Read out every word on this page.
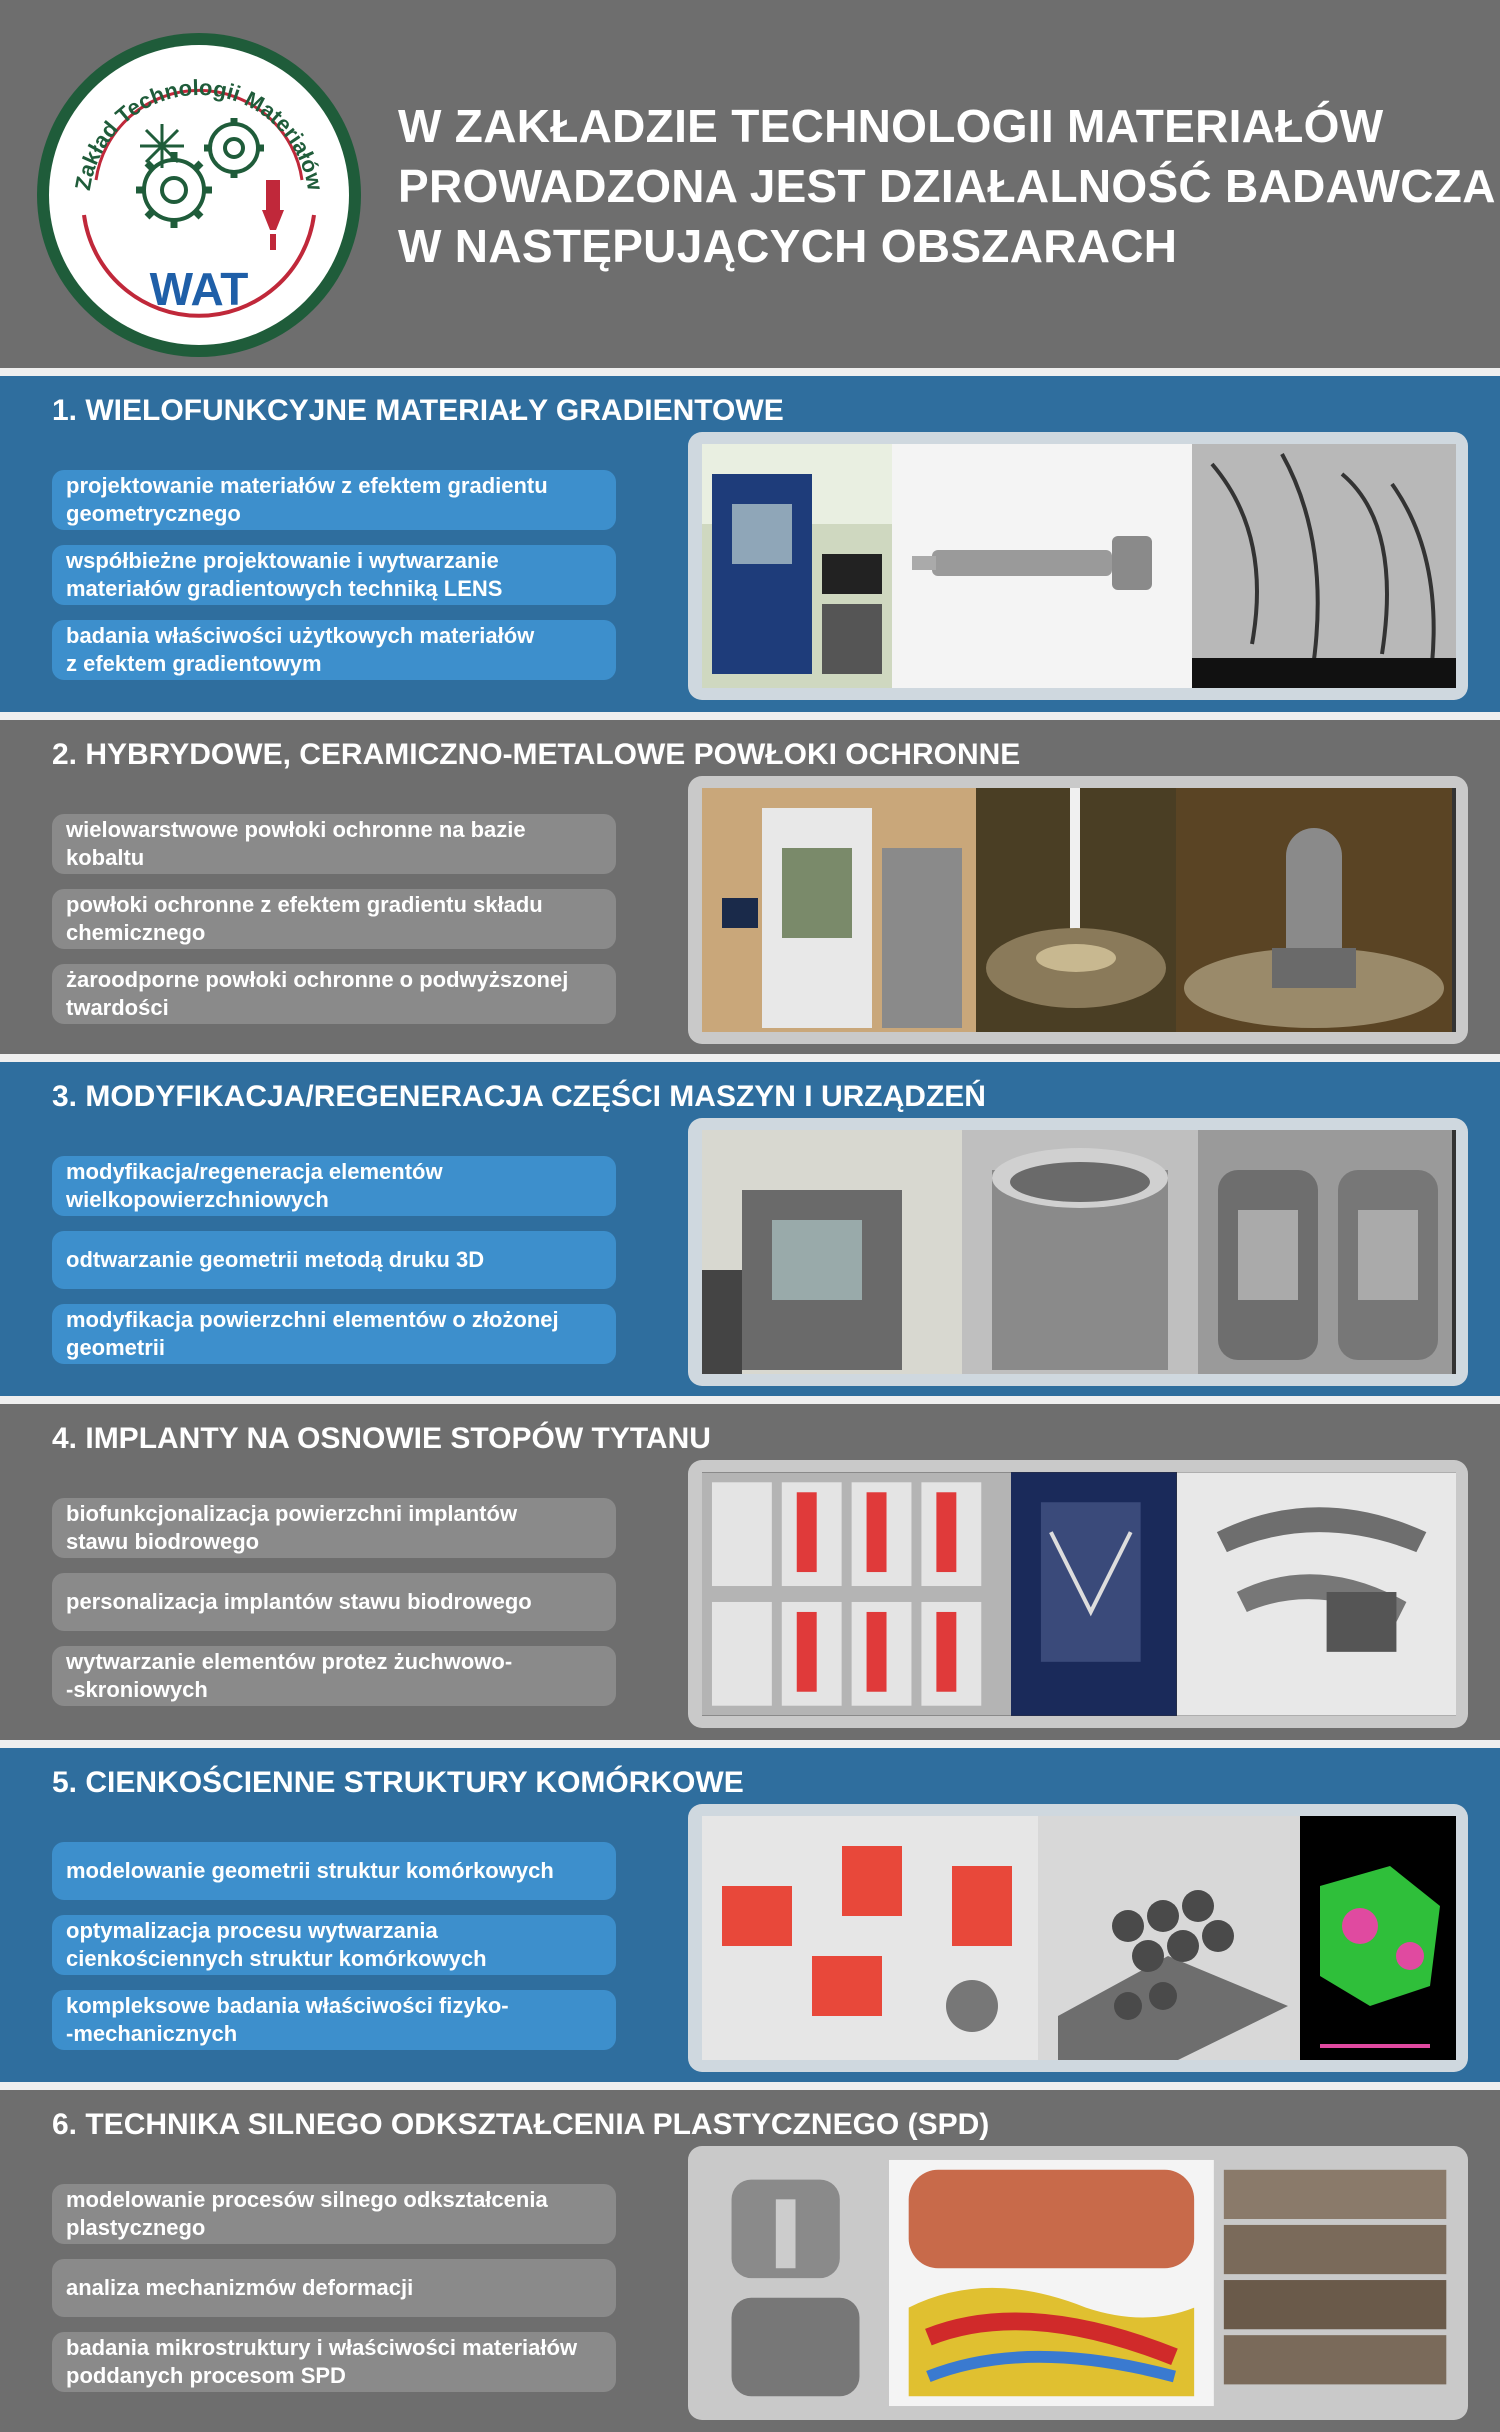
Zakład Technologii Materiałów
WAT
W ZAKŁADZIE TECHNOLOGII MATERIAŁÓW
PROWADZONA JEST DZIAŁALNOŚĆ BADAWCZA
W NASTĘPUJĄCYCH OBSZARACH
1. WIELOFUNKCYJNE MATERIAŁY GRADIENTOWE
projektowanie materiałów z efektem gradientu
geometrycznego
współbieżne projektowanie i wytwarzanie
materiałów gradientowych techniką LENS
badania właściwości użytkowych materiałów
z efektem gradientowym
2. HYBRYDOWE, CERAMICZNO-METALOWE POWŁOKI OCHRONNE
wielowarstwowe powłoki ochronne na bazie
kobaltu
powłoki ochronne z efektem gradientu składu
chemicznego
żaroodporne powłoki ochronne o podwyższonej
twardości
3. MODYFIKACJA/REGENERACJA CZĘŚCI MASZYN I URZĄDZEŃ
modyfikacja/regeneracja elementów
wielkopowierzchniowych
odtwarzanie geometrii metodą druku 3D
modyfikacja powierzchni elementów o złożonej
geometrii
4. IMPLANTY NA OSNOWIE STOPÓW TYTANU
biofunkcjonalizacja powierzchni implantów
stawu biodrowego
personalizacja implantów stawu biodrowego
wytwarzanie elementów protez żuchwowo-
-skroniowych
5. CIENKOŚCIENNE STRUKTURY KOMÓRKOWE
modelowanie geometrii struktur komórkowych
optymalizacja procesu wytwarzania
cienkościennych struktur komórkowych
kompleksowe badania właściwości fizyko-
-mechanicznych
6. TECHNIKA SILNEGO ODKSZTAŁCENIA PLASTYCZNEGO (SPD)
modelowanie procesów silnego odkształcenia
plastycznego
analiza mechanizmów deformacji
badania mikrostruktury i właściwości materiałów
poddanych procesom SPD
